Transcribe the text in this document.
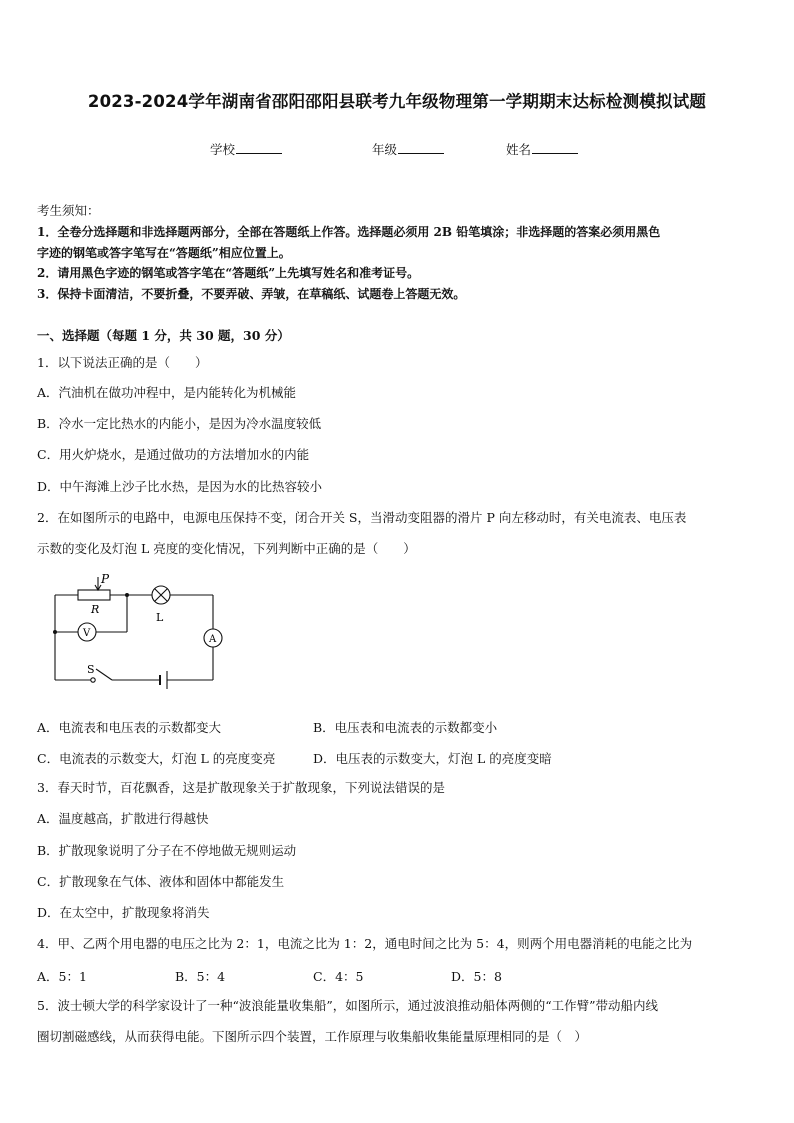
2023-2024学年湖南省邵阳邵阳县联考九年级物理第一学期期末达标检测模拟试题
学校	年级	姓名
考生须知：
1．全卷分选择题和非选择题两部分，全部在答题纸上作答。选择题必须用 2B 铅笔填涂；非选择题的答案必须用黑色
字迹的钢笔或答字笔写在“答题纸”相应位置上。
2．请用黑色字迹的钢笔或答字笔在“答题纸”上先填写姓名和准考证号。
3．保持卡面清洁，不要折叠，不要弄破、弄皱，在草稿纸、试题卷上答题无效。
一、选择题（每题 1 分，共 30 题，30 分）
1．以下说法正确的是（　　）
A．汽油机在做功冲程中，是内能转化为机械能
B．冷水一定比热水的内能小，是因为冷水温度较低
C．用火炉烧水，是通过做功的方法增加水的内能
D．中午海滩上沙子比水热，是因为水的比热容较小
2．在如图所示的电路中，电源电压保持不变，闭合开关 S，当滑动变阻器的滑片 P 向左移动时，有关电流表、电压表
示数的变化及灯泡 L 亮度的变化情况，下列判断中正确的是（　　）
P
R
L
V
A
S
A．电流表和电压表的示数都变大	B．电压表和电流表的示数都变小
C．电流表的示数变大，灯泡 L 的亮度变亮	D．电压表的示数变大，灯泡 L 的亮度变暗
3．春天时节，百花飘香，这是扩散现象关于扩散现象，下列说法错误的是
A．温度越高，扩散进行得越快
B．扩散现象说明了分子在不停地做无规则运动
C．扩散现象在气体、液体和固体中都能发生
D．在太空中，扩散现象将消失
4．甲、乙两个用电器的电压之比为 2：1，电流之比为 1：2，通电时间之比为 5：4，则两个用电器消耗的电能之比为
A．5：1	B．5：4	C．4：5	D．5：8
5．波士顿大学的科学家设计了一种“波浪能量收集船”，如图所示，通过波浪推动船体两侧的“工作臂”带动船内线
圈切割磁感线，从而获得电能。下图所示四个装置，工作原理与收集船收集能量原理相同的是（　）
